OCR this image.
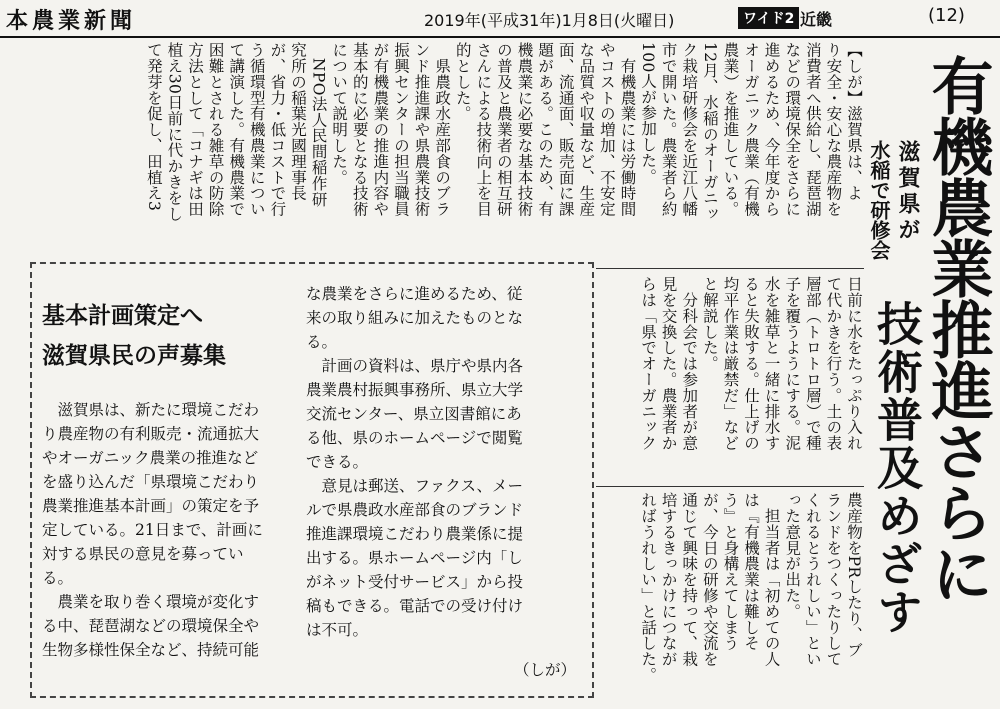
本農業新聞	2019年(平成31年)1月8日(火曜日)	ワイド2 近畿	(12)
有機農業推進さらに
技術普及めざす
滋賀県が
水稲で研修会
【しが】滋賀県は、よ
り安全・安心な農産物を
消費者へ供給し、琵琶湖
などの環境保全をさらに
進めるため、今年度から
オーガニック農業（有機
農業）を推進している。
12月、水稲のオーガニッ
ク栽培研修会を近江八幡
市で開いた。農業者ら約
100人が参加した。
　有機農業には労働時間
やコストの増加、不安定
な品質や収量など、生産
面、流通面、販売面に課
題がある。このため、有
機農業に必要な基本技術
の普及と農業者の相互研
さんによる技術向上を目
的とした。
　県農政水産部食のブラ
ンド推進課や県農業技術
振興センターの担当職員
が有機農業の推進内容や
基本的に必要となる技術
について説明した。
　NPO法人民間稲作研
究所の稲葉光國理事長
が、省力・低コストで行
う循環型有機農業につい
て講演した。有機農業で
困難とされる雑草の防除
方法として「コナギは田
植え30日前に代かきをし
て発芽を促し、田植え3
日前に水をたっぷり入れ
て代かきを行う。土の表
層部（トロトロ層）で種
子を覆うようにする。泥
水を雑草と一緒に排水す
ると失敗する。仕上げの
均平作業は厳禁だ」など
と解説した。
　分科会では参加者が意
見を交換した。農業者か
らは「県でオーガニック
農産物をPRしたり、ブ
ランドをつくったりして
くれるとうれしい」とい
った意見が出た。
　担当者は「初めての人
は『有機農業は難しそ
う』と身構えてしまう
が、今日の研修や交流を
通じて興味を持って、栽
培するきっかけにつなが
ればうれしい」と話した。
基本計画策定へ
滋賀県民の声募集
　滋賀県は、新たに環境こだわ
り農産物の有利販売・流通拡大
やオーガニック農業の推進など
を盛り込んだ「県環境こだわり
農業推進基本計画」の策定を予
定している。21日まで、計画に
対する県民の意見を募ってい
る。
　農業を取り巻く環境が変化す
る中、琵琶湖などの環境保全や
生物多様性保全など、持続可能
な農業をさらに進めるため、従
来の取り組みに加えたものとな
る。
　計画の資料は、県庁や県内各
農業農村振興事務所、県立大学
交流センター、県立図書館にあ
る他、県のホームページで閲覧
できる。
　意見は郵送、ファクス、メー
ルで県農政水産部食のブランド
推進課環境こだわり農業係に提
出する。県ホームページ内「し
がネット受付サービス」から投
稿もできる。電話での受け付け
は不可。
（しが）
